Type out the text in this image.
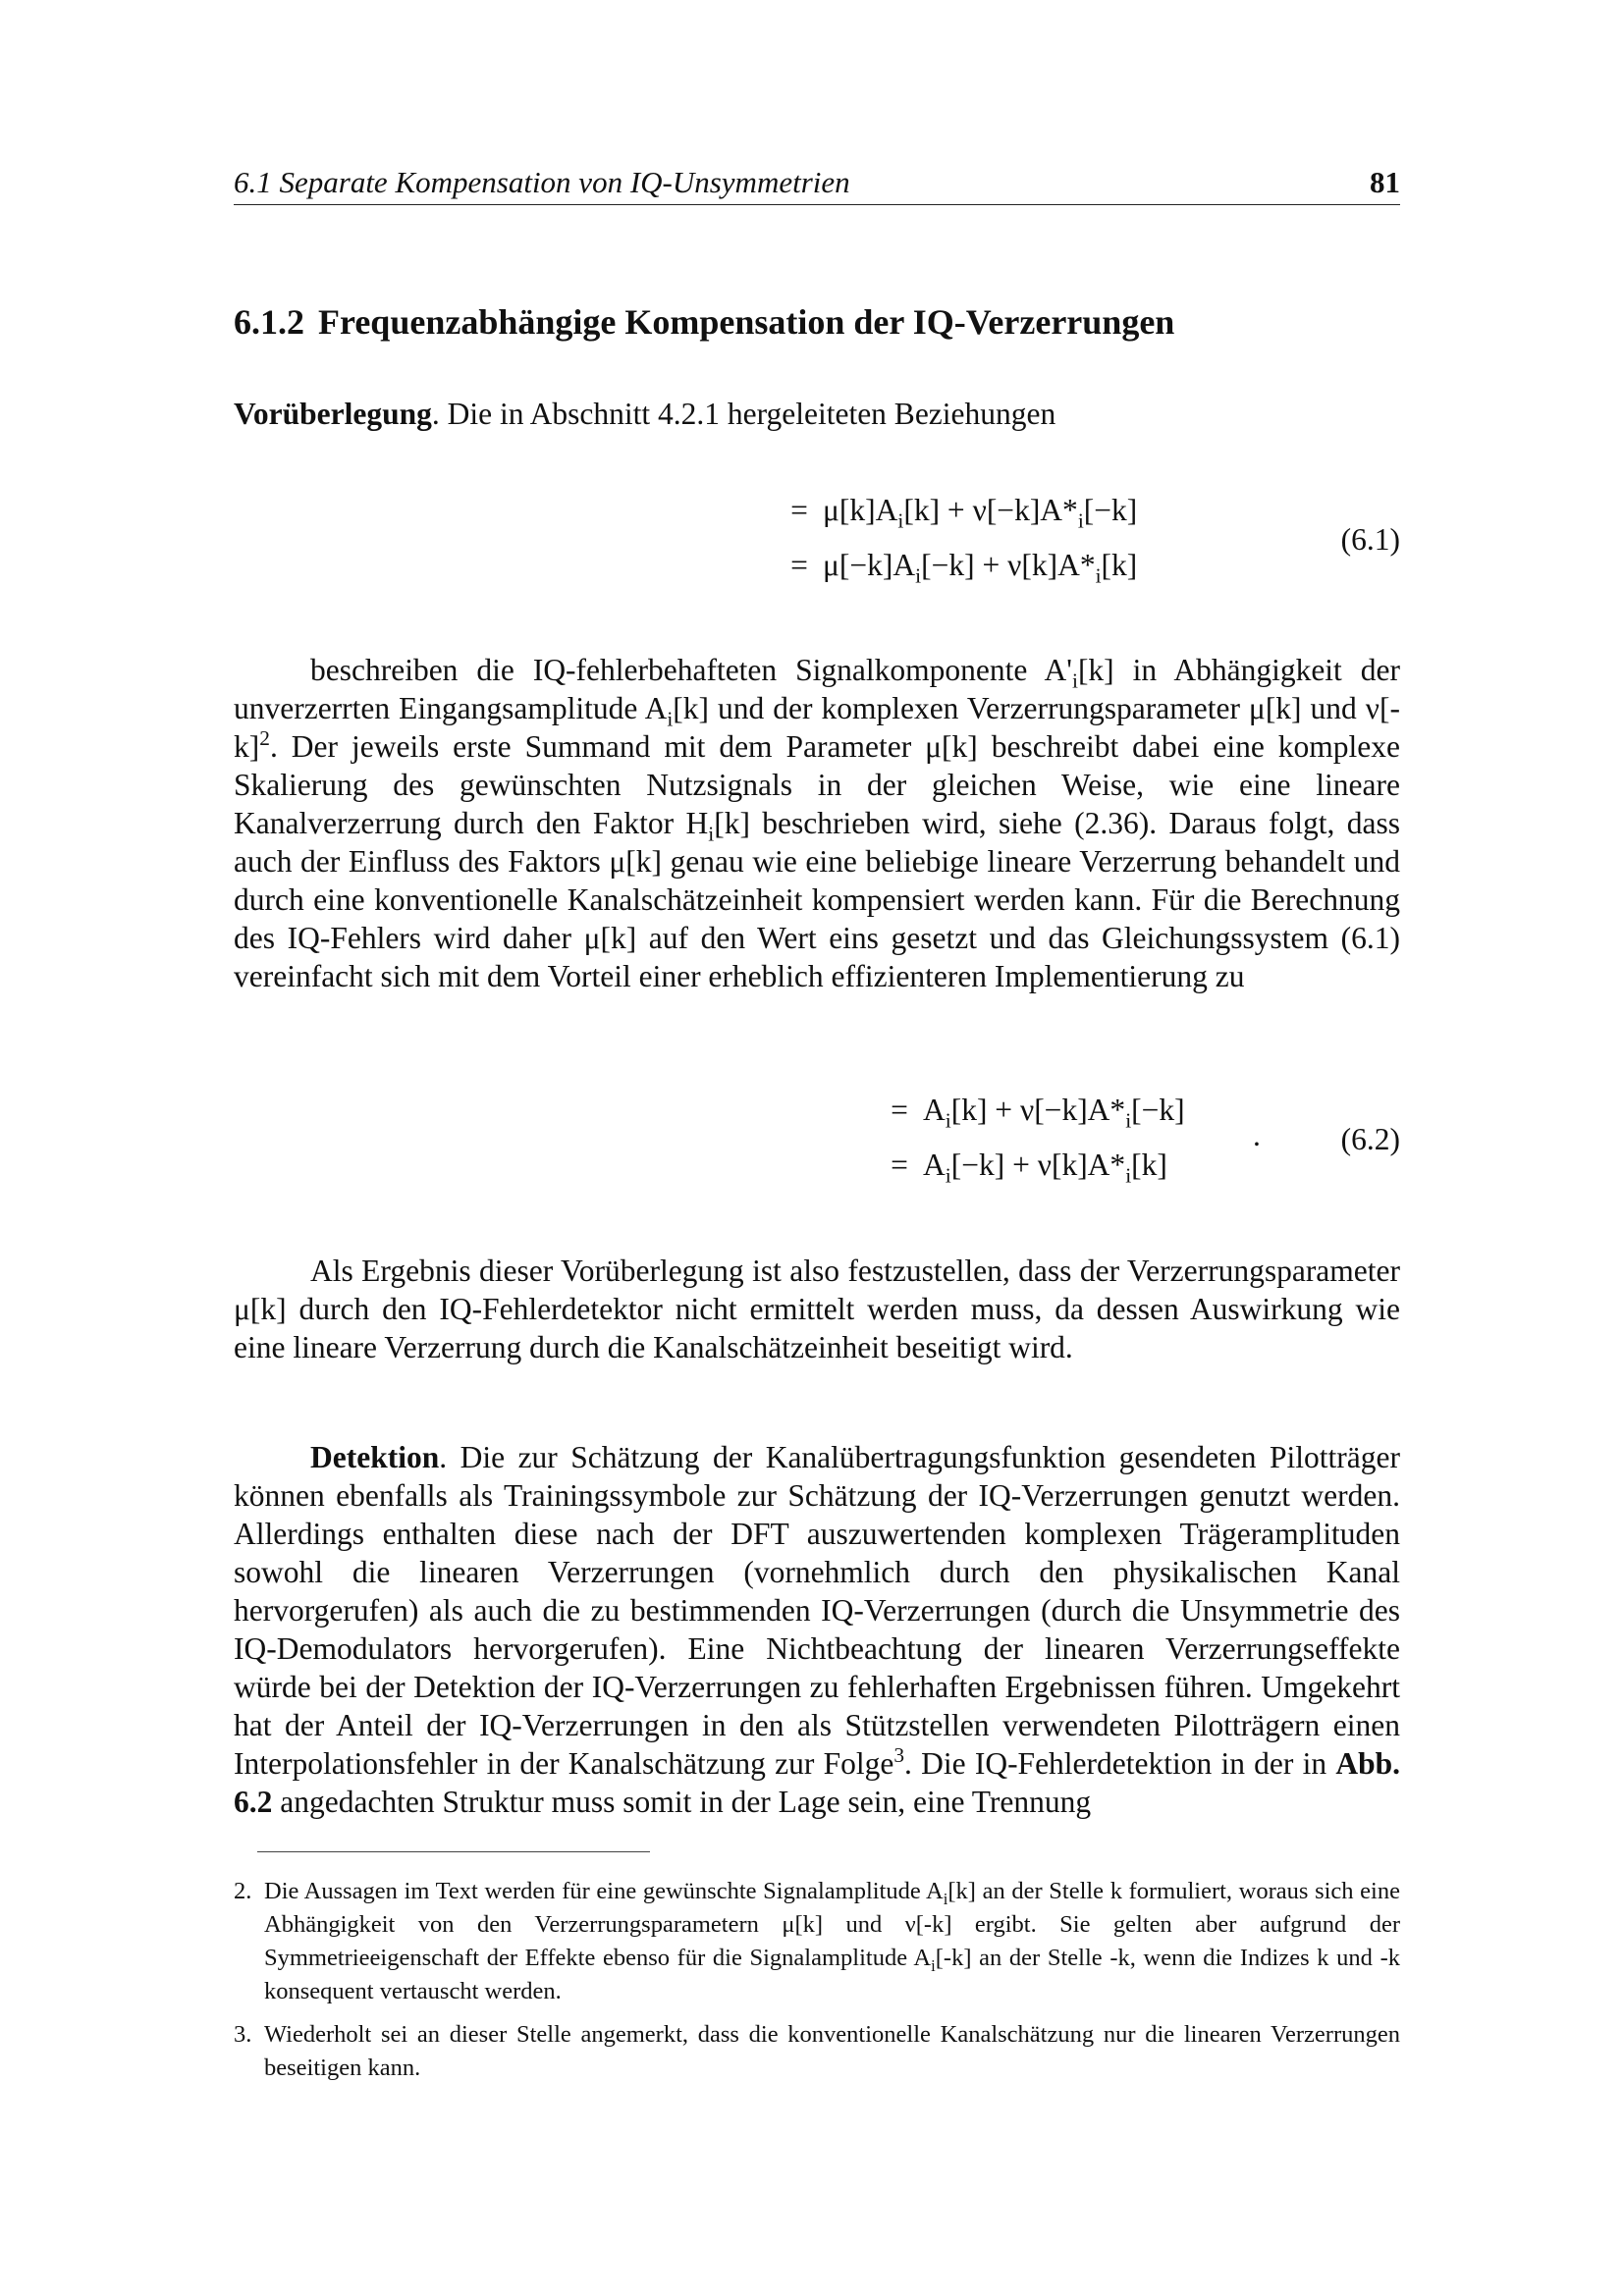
6.1 Separate Kompensation von IQ-Unsymmetrien	81
6.1.2 Frequenzabhängige Kompensation der IQ-Verzerrungen

Vorüberlegung. Die in Abschnitt 4.2.1 hergeleiteten Beziehungen

= $\mu[k]A_i[k] + \nu[-k]A*_i[-k]$
= $\mu[-k]A_i[-k] + \nu[k]A*_i[k]$
(6.1)

beschreiben die IQ-fehlerbehafteten Signalkomponente $A'_i[k]$ in Abhängigkeit der unverzerrten Eingangsamplitude $A_i[k]$ und der komplexen Verzerrungsparameter μ[k] und $\nu[-k]^2$. Der jeweils erste Summand mit dem Parameter μ[k] beschreibt dabei eine komplexe Skalierung des gewünschten Nutzsignals in der gleichen Weise, wie eine lineare Kanalverzerrung durch den Faktor $H_i[k]$ beschrieben wird, siehe (2.36). Daraus folgt, dass auch der Einfluss des Faktors μ[k] genau wie eine beliebige lineare Verzerrung behandelt und durch eine konventionelle Kanalschätzeinheit kompensiert werden kann. Für die Berechnung des IQ-Fehlers wird daher μ[k] auf den Wert eins gesetzt und das Gleichungssystem (6.1) vereinfacht sich mit dem Vorteil einer erheblich effizienteren Implementierung zu

= $A_i[k] + \nu[-k]A*_i[-k]$
= $A_i[-k] + \nu[k]A*_i[k]$
.	(6.2)

Als Ergebnis dieser Vorüberlegung ist also festzustellen, dass der Verzerrungsparameter μ[k] durch den IQ-Fehlerdetektor nicht ermittelt werden muss, da dessen Auswirkung wie eine lineare Verzerrung durch die Kanalschätzeinheit beseitigt wird.

Detektion. Die zur Schätzung der Kanalübertragungsfunktion gesendeten Pilotträger können ebenfalls als Trainingssymbole zur Schätzung der IQ-Verzerrungen genutzt werden. Allerdings enthalten diese nach der DFT auszuwertenden komplexen Trägeramplituden sowohl die linearen Verzerrungen (vornehmlich durch den physikalischen Kanal hervorgerufen) als auch die zu bestimmenden IQ-Verzerrungen (durch die Unsymmetrie des IQ-Demodulators hervorgerufen). Eine Nichtbeachtung der linearen Verzerrungseffekte würde bei der Detektion der IQ-Verzerrungen zu fehlerhaften Ergebnissen führen. Umgekehrt hat der Anteil der IQ-Verzerrungen in den als Stützstellen verwendeten Pilotträgern einen Interpolationsfehler in der Kanalschätzung zur Folge$^3$. Die IQ-Fehlerdetektion in der in Abb. 6.2 angedachten Struktur muss somit in der Lage sein, eine Trennung

2. Die Aussagen im Text werden für eine gewünschte Signalamplitude $A_i[k]$ an der Stelle k formuliert, woraus sich eine Abhängigkeit von den Verzerrungsparametern μ[k] und ν[-k] ergibt. Sie gelten aber aufgrund der Symmetrieeigenschaft der Effekte ebenso für die Signalamplitude $A_i[-k]$ an der Stelle -k, wenn die Indizes k und -k konsequent vertauscht werden.
3. Wiederholt sei an dieser Stelle angemerkt, dass die konventionelle Kanalschätzung nur die linearen Verzerrungen beseitigen kann.
